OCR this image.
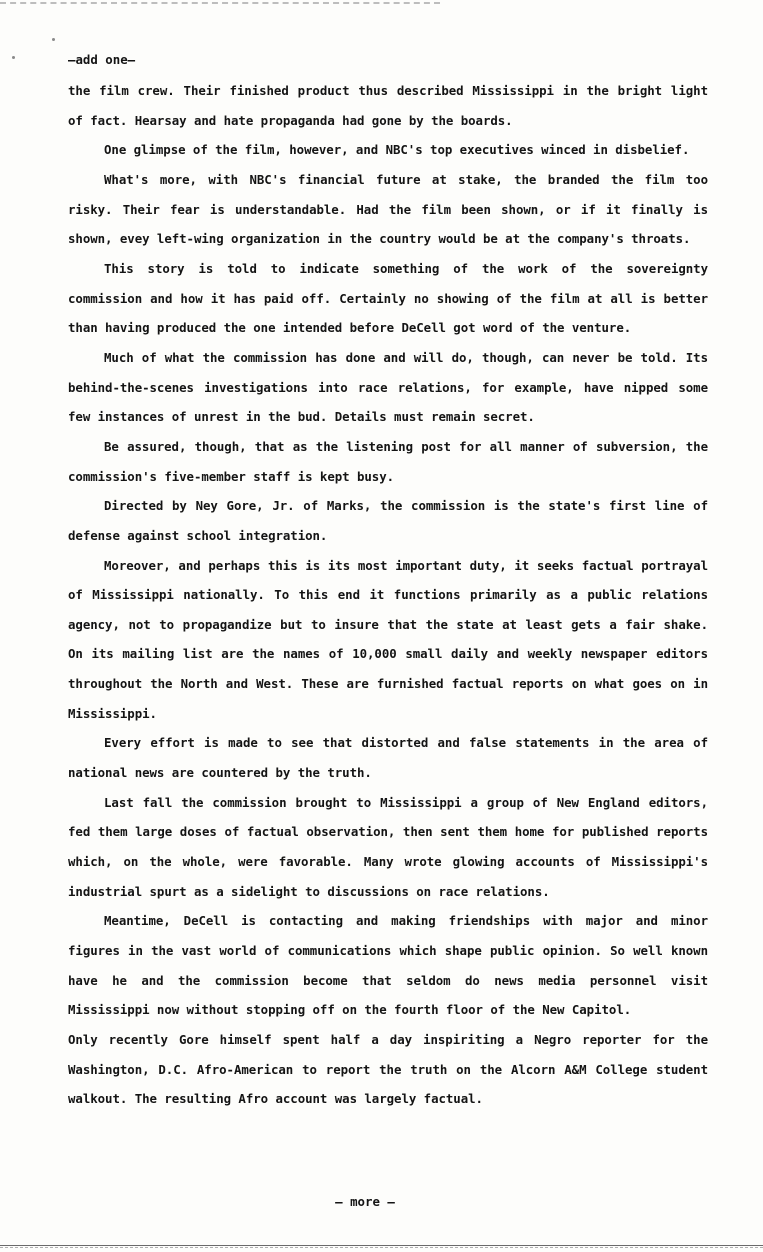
—add one—

the film crew. Their finished product thus described Mississippi in the bright light of fact. Hearsay and hate propaganda had gone by the boards.

One glimpse of the film, however, and NBC's top executives winced in disbelief.

What's more, with NBC's financial future at stake, the branded the film too risky. Their fear is understandable. Had the film been shown, or if it finally is shown, evey left-wing organization in the country would be at the company's throats.

This story is told to indicate something of the work of the sovereignty commission and how it has paid off. Certainly no showing of the film at all is better than having produced the one intended before DeCell got word of the venture.

Much of what the commission has done and will do, though, can never be told. Its behind-the-scenes investigations into race relations, for example, have nipped some few instances of unrest in the bud. Details must remain secret.

Be assured, though, that as the listening post for all manner of subversion, the commission's five-member staff is kept busy.

Directed by Ney Gore, Jr. of Marks, the commission is the state's first line of defense against school integration.

Moreover, and perhaps this is its most important duty, it seeks factual portrayal of Mississippi nationally. To this end it functions primarily as a public relations agency, not to propagandize but to insure that the state at least gets a fair shake. On its mailing list are the names of 10,000 small daily and weekly newspaper editors throughout the North and West. These are furnished factual reports on what goes on in Mississippi.

Every effort is made to see that distorted and false statements in the area of national news are countered by the truth.

Last fall the commission brought to Mississippi a group of New England editors, fed them large doses of factual observation, then sent them home for published reports which, on the whole, were favorable. Many wrote glowing accounts of Mississippi's industrial spurt as a sidelight to discussions on race relations.

Meantime, DeCell is contacting and making friendships with major and minor figures in the vast world of communications which shape public opinion. So well known have he and the commission become that seldom do news media personnel visit Mississippi now without stopping off on the fourth floor of the New Capitol.

Only recently Gore himself spent half a day inspiriting a Negro reporter for the Washington, D.C. Afro-American to report the truth on the Alcorn A&M College student walkout. The resulting Afro account was largely factual.

— more —
